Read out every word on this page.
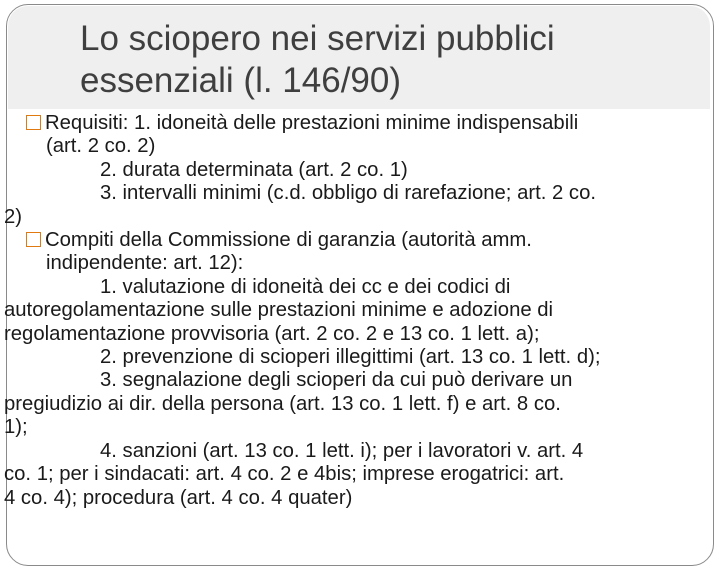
Lo sciopero nei servizi pubblici
essenziali (l. 146/90)
Requisiti: 1. idoneità delle prestazioni minime indispensabili
(art. 2 co. 2)
2. durata determinata (art. 2 co. 1)
3. intervalli minimi (c.d. obbligo di rarefazione; art. 2 co.
2)
Compiti della Commissione di garanzia (autorità amm.
indipendente: art. 12):
1. valutazione di idoneità dei cc e dei codici di
autoregolamentazione sulle prestazioni minime e adozione di
regolamentazione provvisoria (art. 2 co. 2 e 13 co. 1 lett. a);
2. prevenzione di scioperi illegittimi (art. 13 co. 1 lett. d);
3. segnalazione degli scioperi da cui può derivare un
pregiudizio ai dir. della persona (art. 13 co. 1 lett. f) e art. 8 co.
1);
4. sanzioni (art. 13 co. 1 lett. i); per i lavoratori v. art. 4
co. 1; per i sindacati: art. 4 co. 2 e 4bis; imprese erogatrici: art.
4 co. 4); procedura (art. 4 co. 4 quater)
